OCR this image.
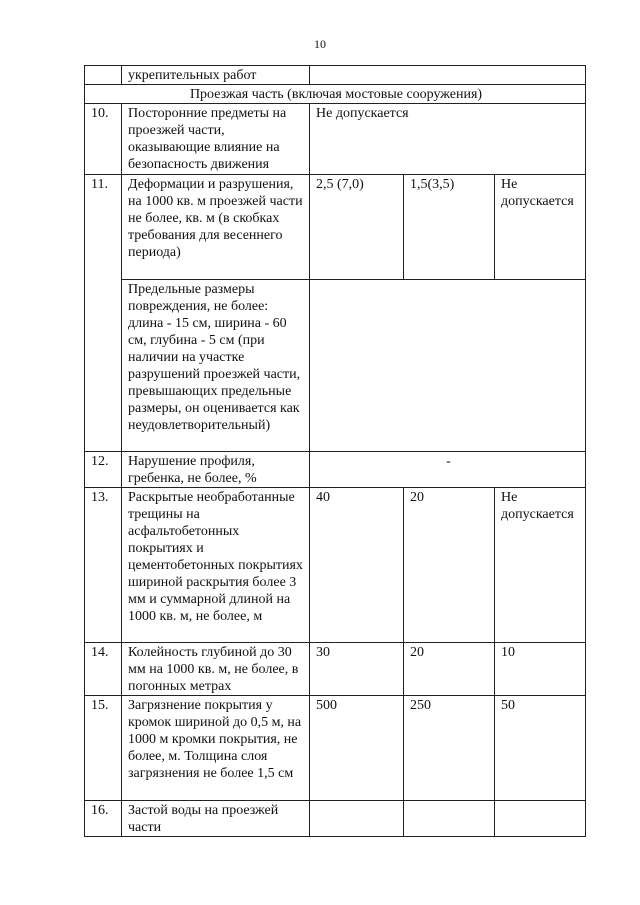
10
	укрепительных работ			
Проезжая часть (включая мостовые сооружения)				
10.	Посторонние предметы на проезжей части, оказывающие влияние на безопасность движения	Не допускается		
11.	Деформации и разрушения, на 1000 кв. м проезжей части не более, кв. м (в скобках требования для весеннего периода)	2,5 (7,0)	1,5(3,5)	Не допускается
	Предельные размеры повреждения, не более: длина - 15 см, ширина - 60 см, глубина - 5 см (при наличии на участке разрушений проезжей части, превышающих предельные размеры, он оценивается как неудовлетворительный)			
12.	Нарушение профиля, гребенка, не более, %	-		
13.	Раскрытые необработанные трещины на асфальтобетонных покрытиях и цементобетонных покрытиях шириной раскрытия более 3 мм и суммарной длиной на 1000 кв. м, не более, м	40	20	Не допускается
14.	Колейность глубиной до 30 мм на 1000 кв. м, не более, в погонных метрах	30	20	10
15.	Загрязнение покрытия у кромок шириной до 0,5 м, на 1000 м кромки покрытия, не более, м. Толщина слоя загрязнения не более 1,5 см	500	250	50
16.	Застой воды на проезжей части			
